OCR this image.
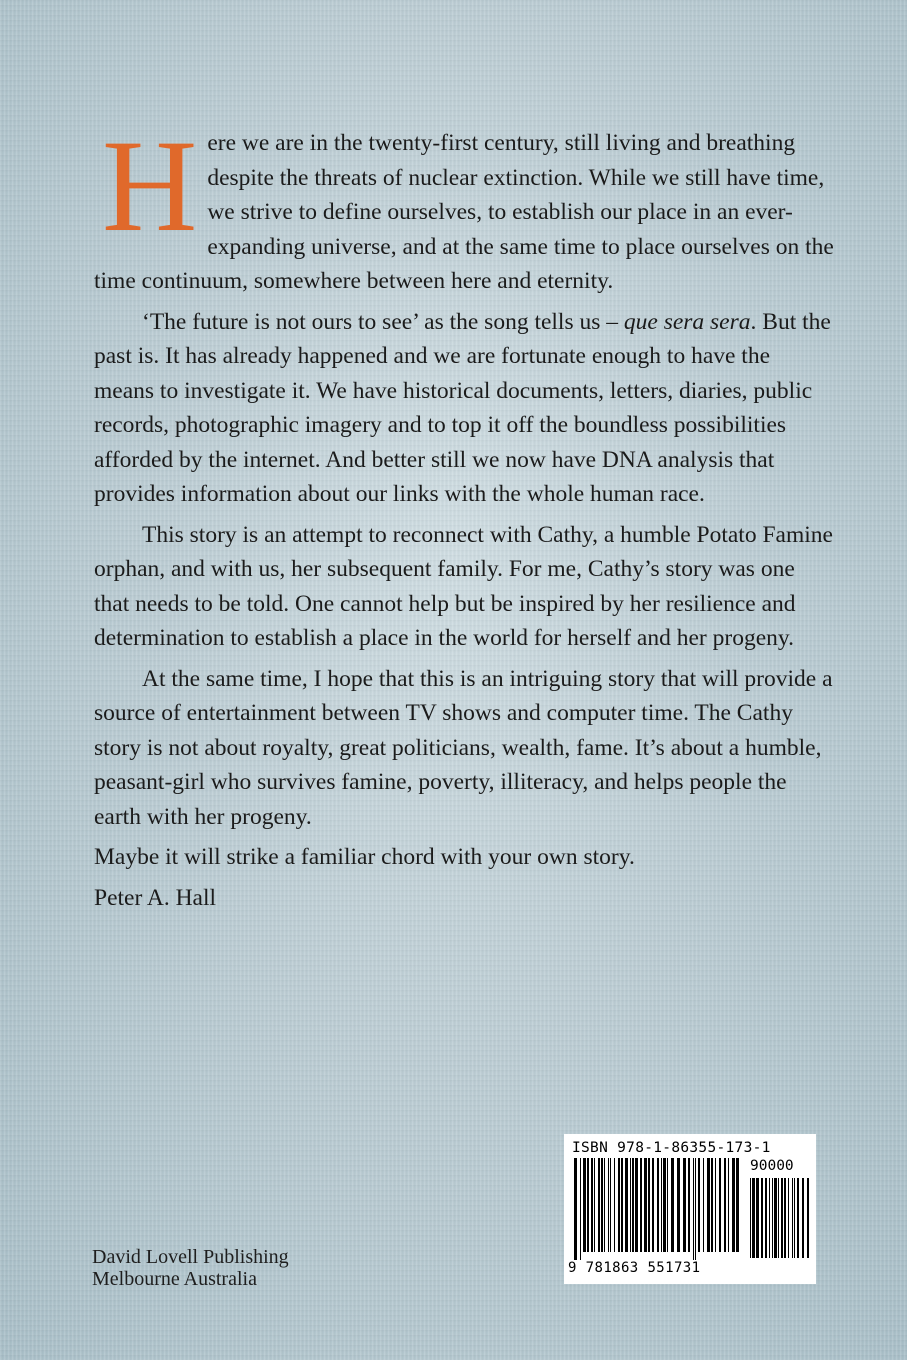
Here we are in the twenty-first century, still living and breathing despite the threats of nuclear extinction. While we still have time, we strive to define ourselves, to establish our place in an ever-expanding universe, and at the same time to place ourselves on the time continuum, somewhere between here and eternity.

‘The future is not ours to see’ as the song tells us – que sera sera. But the past is. It has already happened and we are fortunate enough to have the means to investigate it. We have historical documents, letters, diaries, public records, photographic imagery and to top it off the boundless possibilities afforded by the internet. And better still we now have DNA analysis that provides information about our links with the whole human race.

This story is an attempt to reconnect with Cathy, a humble Potato Famine orphan, and with us, her subsequent family. For me, Cathy’s story was one that needs to be told. One cannot help but be inspired by her resilience and determination to establish a place in the world for herself and her progeny.

At the same time, I hope that this is an intriguing story that will provide a source of entertainment between TV shows and computer time. The Cathy story is not about royalty, great politicians, wealth, fame. It’s about a humble, peasant-girl who survives famine, poverty, illiteracy, and helps people the earth with her progeny.

Maybe it will strike a familiar chord with your own story.

Peter A. Hall

David Lovell Publishing
Melbourne Australia
ISBN 978-1-86355-173-1
90000
9 781863 551731
